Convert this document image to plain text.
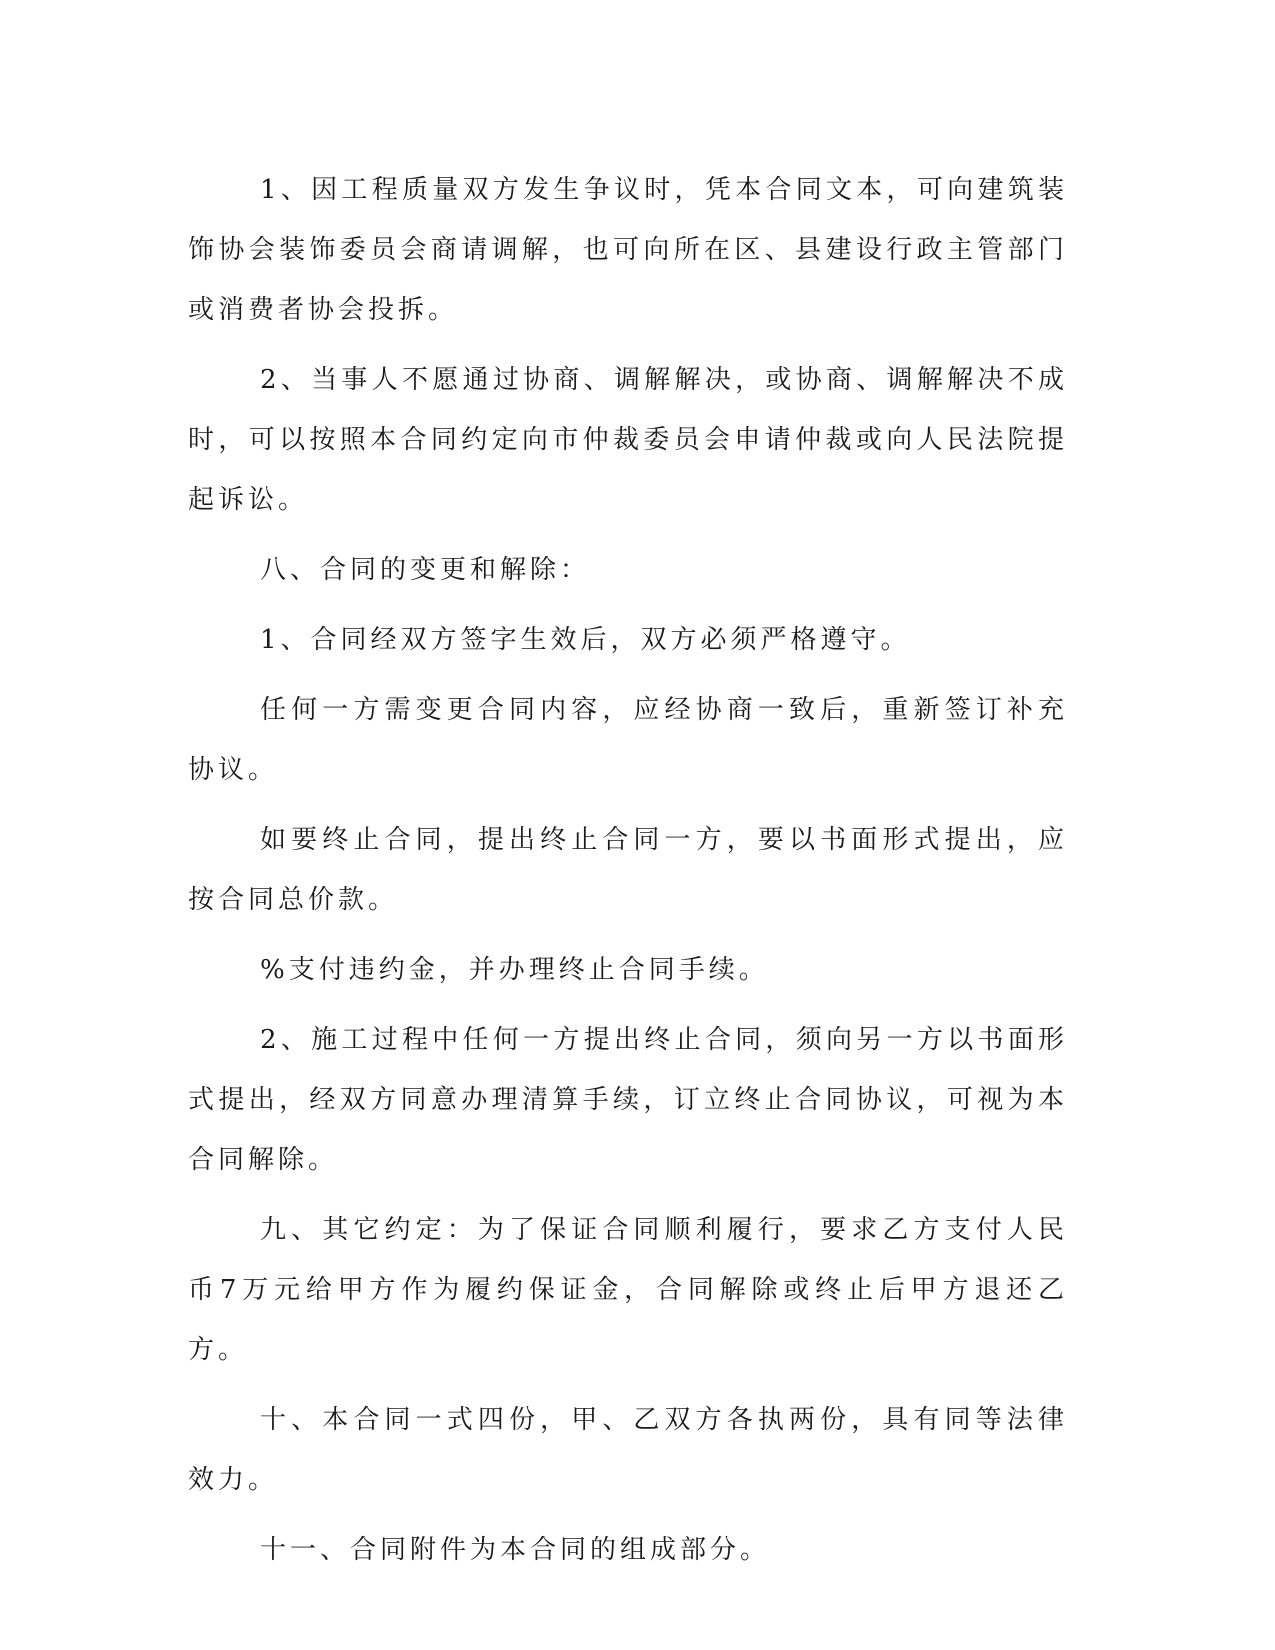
1、因工程质量双方发生争议时，凭本合同文本，可向建筑装饰协会装饰委员会商请调解，也可向所在区、县建设行政主管部门或消费者协会投拆。

2、当事人不愿通过协商、调解解决，或协商、调解解决不成时，可以按照本合同约定向市仲裁委员会申请仲裁或向人民法院提起诉讼。

八、合同的变更和解除：

1、合同经双方签字生效后，双方必须严格遵守。

任何一方需变更合同内容，应经协商一致后，重新签订补充协议。

如要终止合同，提出终止合同一方，要以书面形式提出，应按合同总价款。

%支付违约金，并办理终止合同手续。

2、施工过程中任何一方提出终止合同，须向另一方以书面形式提出，经双方同意办理清算手续，订立终止合同协议，可视为本合同解除。

九、其它约定：为了保证合同顺利履行，要求乙方支付人民币7万元给甲方作为履约保证金，合同解除或终止后甲方退还乙方。

十、本合同一式四份，甲、乙双方各执两份，具有同等法律效力。

十一、合同附件为本合同的组成部分。
